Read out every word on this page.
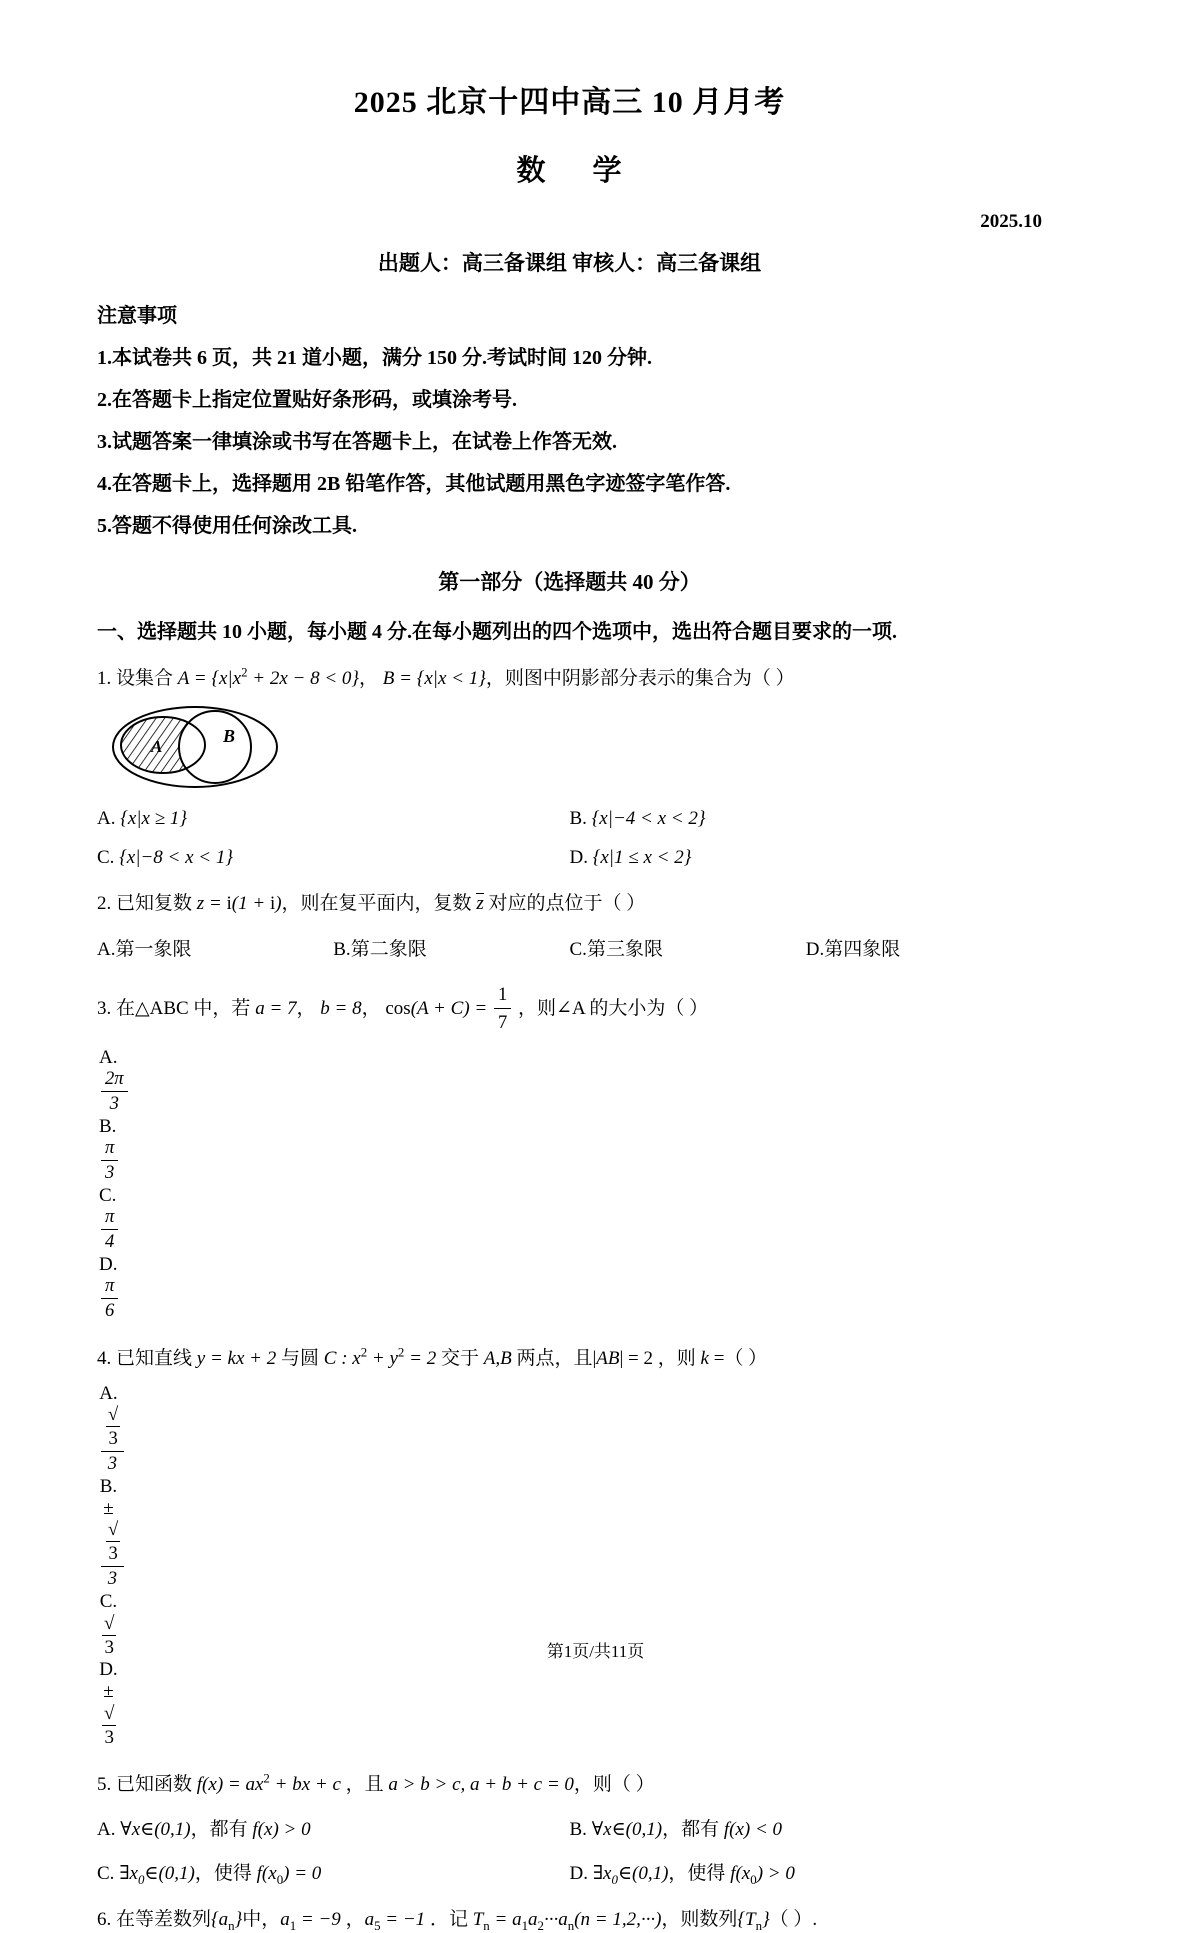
2025 北京十四中高三 10 月月考
数 学
2025.10
出题人：高三备课组 审核人：高三备课组
注意事项
1.本试卷共 6 页，共 21 道小题，满分 150 分.考试时间 120 分钟.
2.在答题卡上指定位置贴好条形码，或填涂考号.
3.试题答案一律填涂或书写在答题卡上，在试卷上作答无效.
4.在答题卡上，选择题用 2B 铅笔作答，其他试题用黑色字迹签字笔作答.
5.答题不得使用任何涂改工具.
第一部分（选择题共 40 分）
一、选择题共 10 小题，每小题 4 分.在每小题列出的四个选项中，选出符合题目要求的一项.
1. 设集合 $A = \{x|x^2 + 2x - 8 < 0\}$， B = {x|x < 1}，则图中阴影部分表示的集合为（ ）
A
B
A. {x|x ≥ 1}	B. {x|−4 < x < 2}
C. {x|−8 < x < 1}	D. {x|1 ≤ x < 2}
2. 已知复数 z = i(1 + i)，则在复平面内，复数 z 对应的点位于（ ）
A.第一象限	B.第二象限	C.第三象限	D.第四象限
3. 在△ABC 中，若 a = 7， b = 8， $\cos(A + C) = \frac{1}{7}$ ，则∠A 的大小为（ ）
A.
$\frac{2\pi}{3}$
B.
$\frac{\pi}{3}$
C.
$\frac{\pi}{4}$
D.
$\frac{\pi}{6}$
4. 已知直线 y = kx + 2 与圆 C : $x^2 + y^2 = 2$ 交于 A,B 两点，且|AB| = 2 ，则 k =（ ）
A.
$\frac{√3}{3}$
B. ±
$\frac{√3}{3}$
C. √3
D. ±√3
5. 已知函数 $f(x) = ax^2$ + bx + c ，且 a > b > c, a + b + c = 0，则（ ）
A. ∀x∈(0,1)，都有 f(x) > 0	B. ∀x∈(0,1)，都有 f(x) < 0
C. $\exists x_0\in(0,1)$，使得 $f(x_0) = 0$	D. $\exists x_0\in(0,1)$，使得 $f(x_0) > 0$
6. 在等差数列$\{a_n\}$中，$a_1 = -9$ ，$a_5 = -1$ ．记 $T_n = a_1a_2\cdot\cdot\cdot a_n(n = 1,2,\cdot\cdot\cdot)$，则数列$\{T_n\}$（ ）.
第1页/共11页
